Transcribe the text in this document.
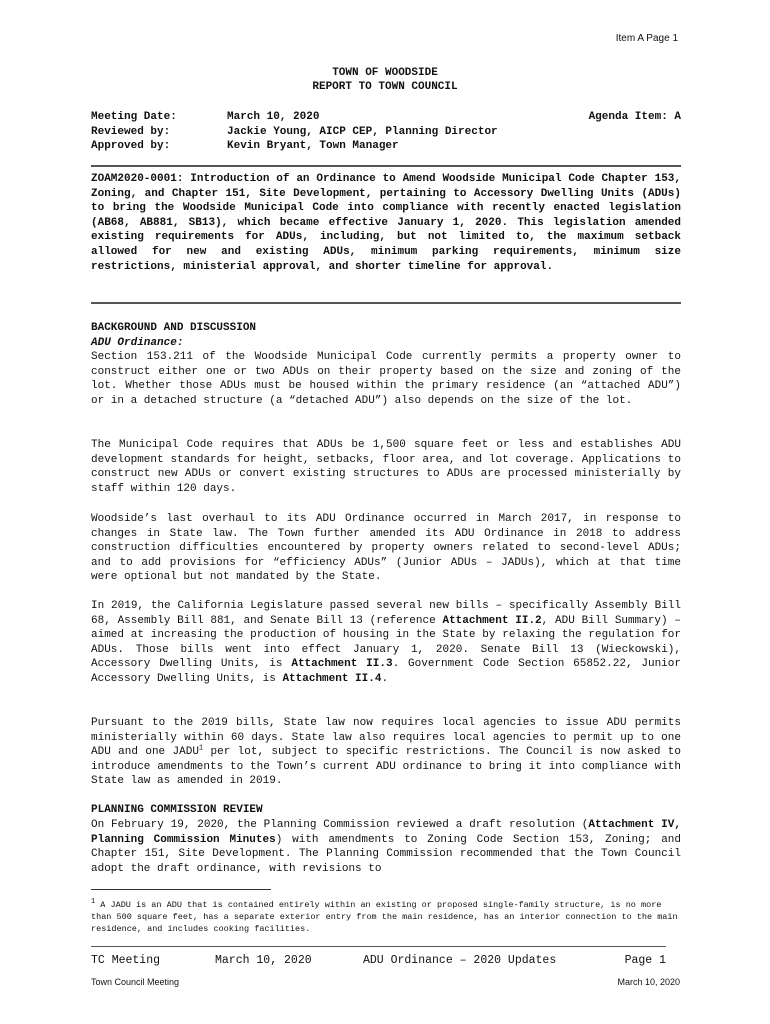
Item A Page 1
TOWN OF WOODSIDE
REPORT TO TOWN COUNCIL
Meeting Date:	March 10, 2020	Agenda Item: A
Reviewed by:	Jackie Young, AICP CEP, Planning Director
Approved by:	Kevin Bryant, Town Manager

ZOAM2020-0001: Introduction of an Ordinance to Amend Woodside Municipal Code Chapter 153, Zoning, and Chapter 151, Site Development, pertaining to Accessory Dwelling Units (ADUs) to bring the Woodside Municipal Code into compliance with recently enacted legislation (AB68, AB881, SB13), which became effective January 1, 2020. This legislation amended existing requirements for ADUs, including, but not limited to, the maximum setback allowed for new and existing ADUs, minimum parking requirements, minimum size restrictions, ministerial approval, and shorter timeline for approval.

BACKGROUND AND DISCUSSION
ADU Ordinance:

Section 153.211 of the Woodside Municipal Code currently permits a property owner to construct either one or two ADUs on their property based on the size and zoning of the lot. Whether those ADUs must be housed within the primary residence (an “attached ADU”) or in a detached structure (a “detached ADU”) also depends on the size of the lot.

The Municipal Code requires that ADUs be 1,500 square feet or less and establishes ADU development standards for height, setbacks, floor area, and lot coverage. Applications to construct new ADUs or convert existing structures to ADUs are processed ministerially by staff within 120 days.

Woodside’s last overhaul to its ADU Ordinance occurred in March 2017, in response to changes in State law. The Town further amended its ADU Ordinance in 2018 to address construction difficulties encountered by property owners related to second-level ADUs; and to add provisions for “efficiency ADUs” (Junior ADUs – JADUs), which at that time were optional but not mandated by the State.

In 2019, the California Legislature passed several new bills – specifically Assembly Bill 68, Assembly Bill 881, and Senate Bill 13 (reference Attachment II.2, ADU Bill Summary) – aimed at increasing the production of housing in the State by relaxing the regulation for ADUs. Those bills went into effect January 1, 2020. Senate Bill 13 (Wieckowski), Accessory Dwelling Units, is Attachment II.3. Government Code Section 65852.22, Junior Accessory Dwelling Units, is Attachment II.4.

Pursuant to the 2019 bills, State law now requires local agencies to issue ADU permits ministerially within 60 days. State law also requires local agencies to permit up to one ADU and one JADU$^1$ per lot, subject to specific restrictions. The Council is now asked to introduce amendments to the Town’s current ADU ordinance to bring it into compliance with State law as amended in 2019.

PLANNING COMMISSION REVIEW

On February 19, 2020, the Planning Commission reviewed a draft resolution (Attachment IV, Planning Commission Minutes) with amendments to Zoning Code Section 153, Zoning; and Chapter 151, Site Development. The Planning Commission recommended that the Town Council adopt the draft ordinance, with revisions to

$^1$ A JADU is an ADU that is contained entirely within an existing or proposed single-family structure, is no more than 500 square feet, has a separate exterior entry from the main residence, has an interior connection to the main residence, and includes cooking facilities.

TC Meeting	March 10, 2020	ADU Ordinance – 2020 Updates	Page 1
Town Council Meeting	March 10, 2020
